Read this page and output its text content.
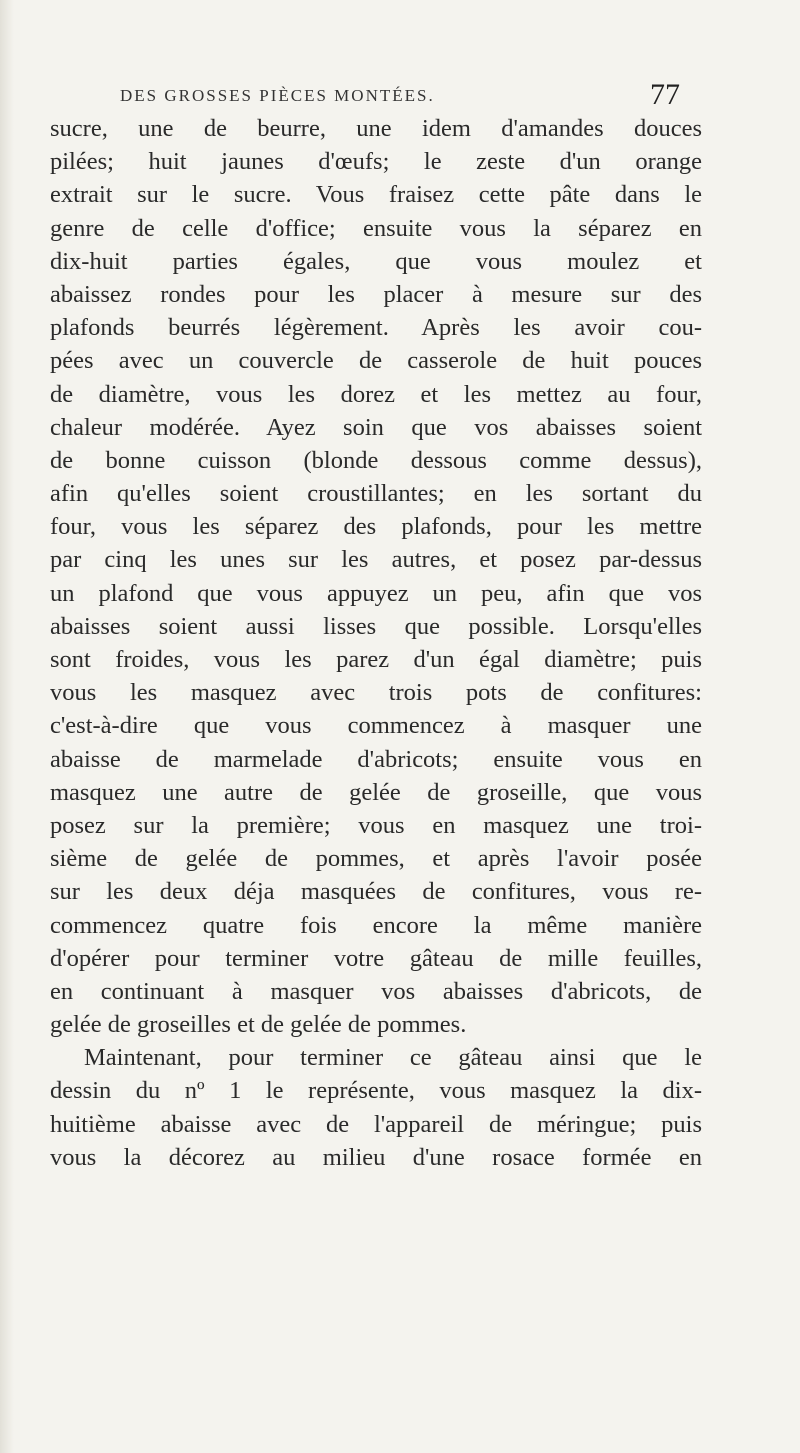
DES GROSSES PIÈCES MONTÉES.	77
sucre, une de beurre, une idem d'amandes douces
pilées; huit jaunes d'œufs; le zeste d'un orange
extrait sur le sucre. Vous fraisez cette pâte dans le
genre de celle d'office; ensuite vous la séparez en
dix-huit parties égales, que vous moulez et
abaissez rondes pour les placer à mesure sur des
plafonds beurrés légèrement. Après les avoir cou-
pées avec un couvercle de casserole de huit pouces
de diamètre, vous les dorez et les mettez au four,
chaleur modérée. Ayez soin que vos abaisses soient
de bonne cuisson (blonde dessous comme dessus),
afin qu'elles soient croustillantes; en les sortant du
four, vous les séparez des plafonds, pour les mettre
par cinq les unes sur les autres, et posez par-dessus
un plafond que vous appuyez un peu, afin que vos
abaisses soient aussi lisses que possible. Lorsqu'elles
sont froides, vous les parez d'un égal diamètre; puis
vous les masquez avec trois pots de confitures:
c'est-à-dire que vous commencez à masquer une
abaisse de marmelade d'abricots; ensuite vous en
masquez une autre de gelée de groseille, que vous
posez sur la première; vous en masquez une troi-
sième de gelée de pommes, et après l'avoir posée
sur les deux déja masquées de confitures, vous re-
commencez quatre fois encore la même manière
d'opérer pour terminer votre gâteau de mille feuilles,
en continuant à masquer vos abaisses d'abricots, de
gelée de groseilles et de gelée de pommes.
Maintenant, pour terminer ce gâteau ainsi que le
dessin du nº 1 le représente, vous masquez la dix-
huitième abaisse avec de l'appareil de méringue; puis
vous la décorez au milieu d'une rosace formée en
